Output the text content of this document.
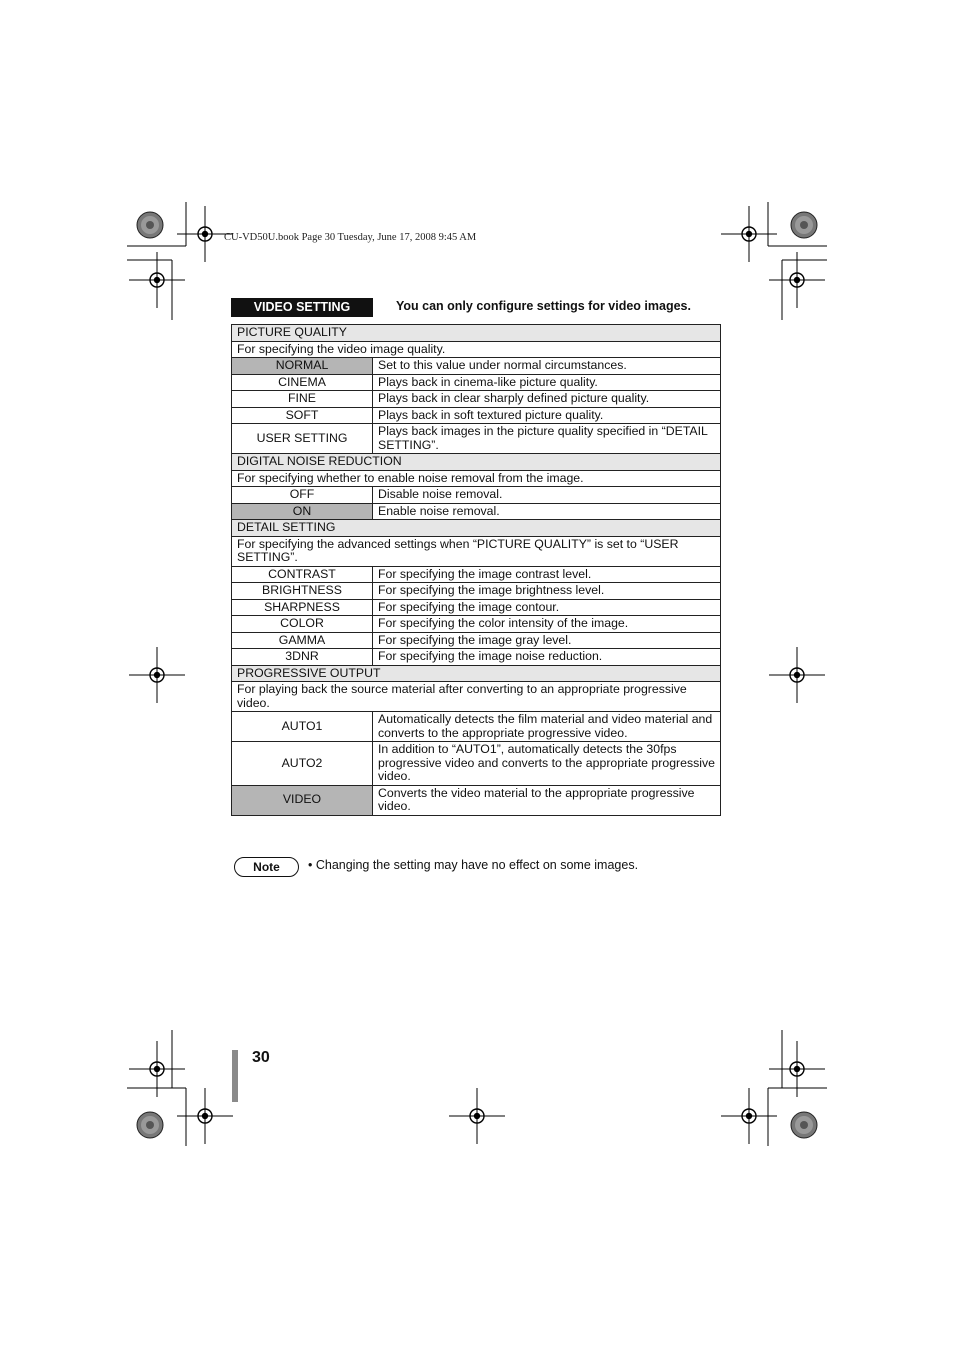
CU-VD50U.book Page 30 Tuesday, June 17, 2008 9:45 AM
VIDEO SETTING	You can only configure settings for video images.
PICTURE QUALITY	
For specifying the video image quality.	
NORMAL	Set to this value under normal circumstances.
CINEMA	Plays back in cinema-like picture quality.
FINE	Plays back in clear sharply defined picture quality.
SOFT	Plays back in soft textured picture quality.
USER SETTING	Plays back images in the picture quality specified in “DETAIL SETTING”.
DIGITAL NOISE REDUCTION	
For specifying whether to enable noise removal from the image.	
OFF	Disable noise removal.
ON	Enable noise removal.
DETAIL SETTING	
For specifying the advanced settings when “PICTURE QUALITY” is set to “USER SETTING”.	
CONTRAST	For specifying the image contrast level.
BRIGHTNESS	For specifying the image brightness level.
SHARPNESS	For specifying the image contour.
COLOR	For specifying the color intensity of the image.
GAMMA	For specifying the image gray level.
3DNR	For specifying the image noise reduction.
PROGRESSIVE OUTPUT	
For playing back the source material after converting to an appropriate progressive video.	
AUTO1	Automatically detects the film material and video material and converts to the appropriate progressive video.
AUTO2	In addition to “AUTO1”, automatically detects the 30fps progressive video and converts to the appropriate progressive video.
VIDEO	Converts the video material to the appropriate progressive video.
Note	• Changing the setting may have no effect on some images.
30
